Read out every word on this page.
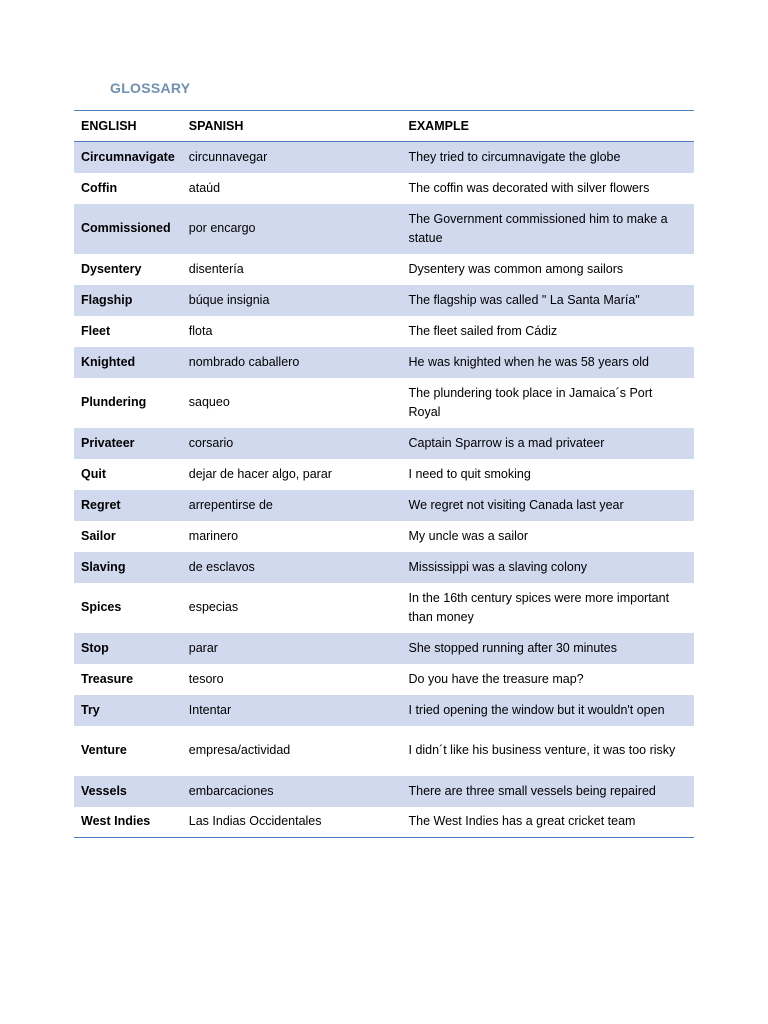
GLOSSARY
ENGLISH	SPANISH	EXAMPLE
Circumnavigate	circunnavegar	They tried to circumnavigate the globe
Coffin	ataúd	The coffin was decorated with silver flowers
Commissioned	por encargo	The Government commissioned him to make a statue
Dysentery	disentería	Dysentery was common among sailors
Flagship	búque insignia	The flagship was called " La Santa María"
Fleet	flota	The fleet sailed from Cádiz
Knighted	nombrado caballero	He was knighted when he was 58 years old
Plundering	saqueo	The plundering took place in Jamaica´s Port Royal
Privateer	corsario	Captain Sparrow is a mad privateer
Quit	dejar de hacer algo, parar	I need to quit smoking
Regret	arrepentirse de	We regret not visiting Canada last year
Sailor	marinero	My uncle was a sailor
Slaving	de esclavos	Mississippi was a slaving colony
Spices	especias	In the 16th century spices were more important than money
Stop	parar	She stopped running after 30 minutes
Treasure	tesoro	Do you have the treasure map?
Try	Intentar	I tried opening the window but it wouldn't open
Venture	empresa/actividad	I didn´t like his business venture, it was too risky
Vessels	embarcaciones	There are three small vessels being repaired
West Indies	Las Indias Occidentales	The West Indies has a great cricket team
